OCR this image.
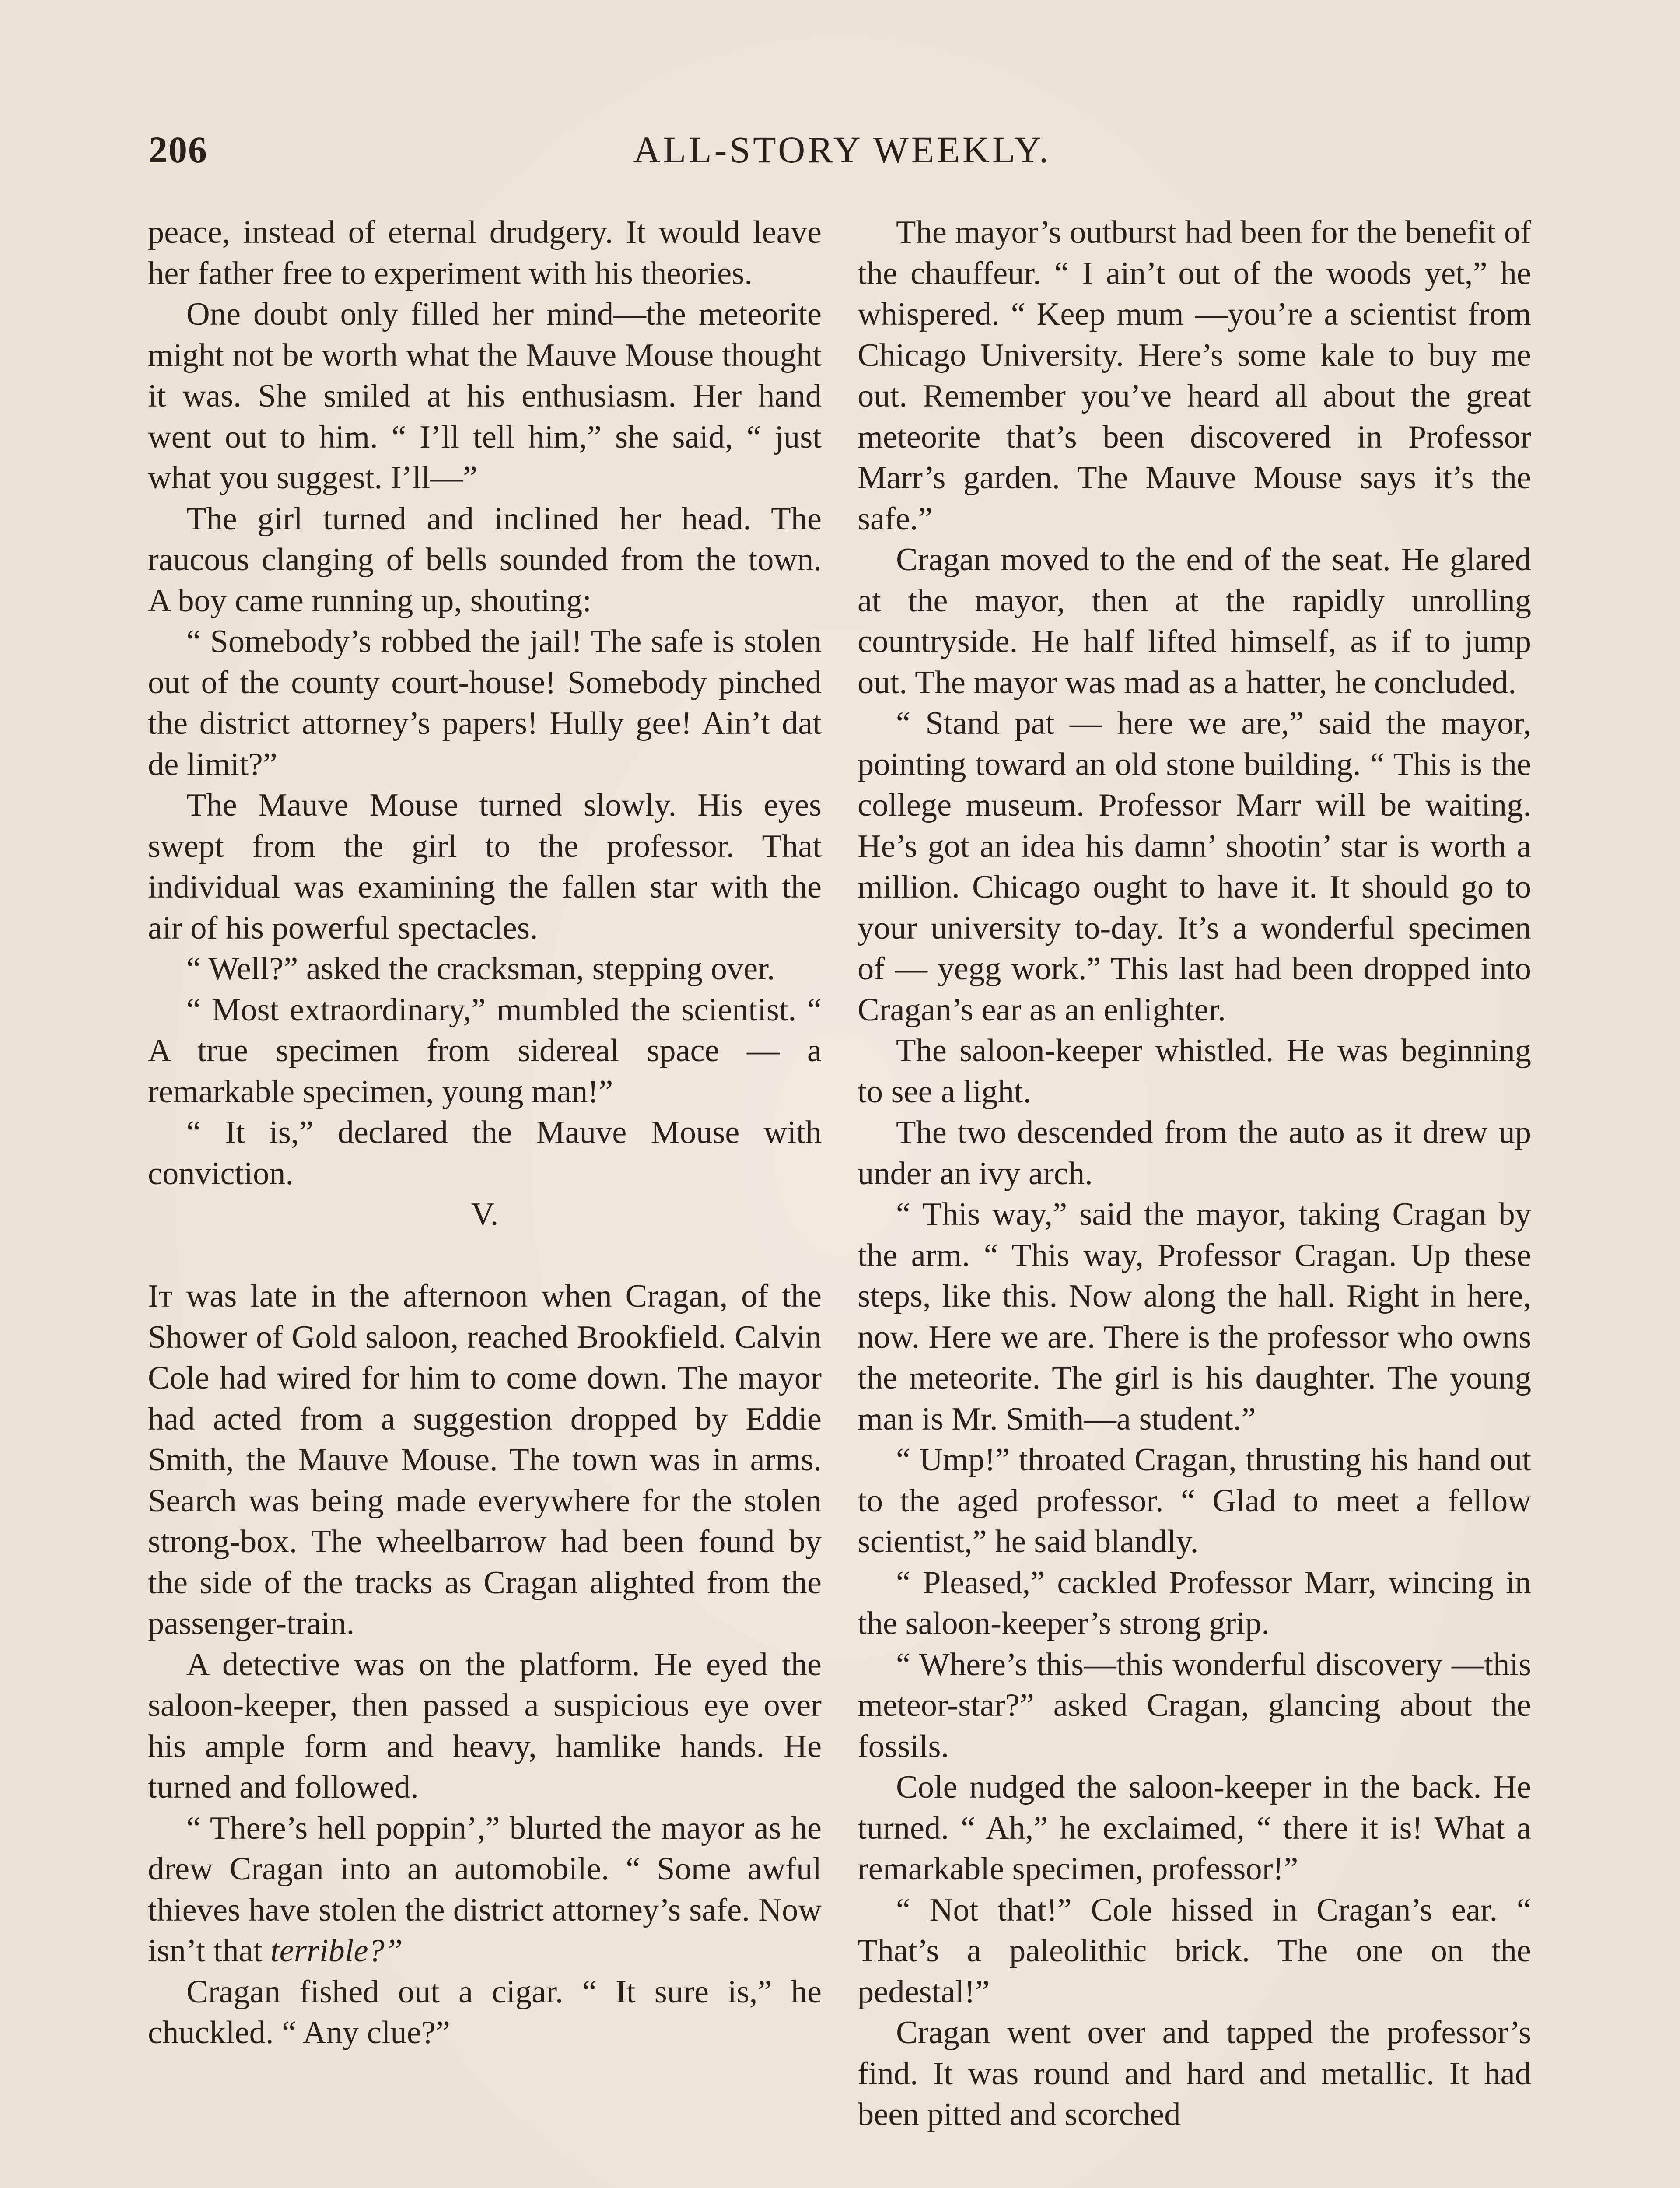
206	ALL-STORY WEEKLY.

peace, instead of eternal drudgery. It would leave her father free to experiment with his theories.

One doubt only filled her mind—the meteorite might not be worth what the Mauve Mouse thought it was. She smiled at his enthusiasm. Her hand went out to him. “ I’ll tell him,” she said, “ just what you suggest. I’ll—”

The girl turned and inclined her head. The raucous clanging of bells sounded from the town. A boy came running up, shouting:

“ Somebody’s robbed the jail! The safe is stolen out of the county court-house! Somebody pinched the district attorney’s papers! Hully gee! Ain’t dat de limit?”

The Mauve Mouse turned slowly. His eyes swept from the girl to the professor. That individual was examining the fallen star with the air of his powerful spectacles.

“ Well?” asked the cracksman, stepping over.

“ Most extraordinary,” mumbled the scientist. “ A true specimen from sidereal space — a remarkable specimen, young man!”

“ It is,” declared the Mauve Mouse with conviction.

V.

It was late in the afternoon when Cragan, of the Shower of Gold saloon, reached Brookfield. Calvin Cole had wired for him to come down. The mayor had acted from a suggestion dropped by Eddie Smith, the Mauve Mouse. The town was in arms. Search was being made everywhere for the stolen strong-box. The wheelbarrow had been found by the side of the tracks as Cragan alighted from the passenger-train.

A detective was on the platform. He eyed the saloon-keeper, then passed a suspicious eye over his ample form and heavy, hamlike hands. He turned and followed.

“ There’s hell poppin’,” blurted the mayor as he drew Cragan into an automobile. “ Some awful thieves have stolen the district attorney’s safe. Now isn’t that terrible?”

Cragan fished out a cigar. “ It sure is,” he chuckled. “ Any clue?”

The mayor’s outburst had been for the benefit of the chauffeur. “ I ain’t out of the woods yet,” he whispered. “ Keep mum —you’re a scientist from Chicago University. Here’s some kale to buy me out. Remember you’ve heard all about the great meteorite that’s been discovered in Professor Marr’s garden. The Mauve Mouse says it’s the safe.”

Cragan moved to the end of the seat. He glared at the mayor, then at the rapidly unrolling countryside. He half lifted himself, as if to jump out. The mayor was mad as a hatter, he concluded.

“ Stand pat — here we are,” said the mayor, pointing toward an old stone building. “ This is the college museum. Professor Marr will be waiting. He’s got an idea his damn’ shootin’ star is worth a million. Chicago ought to have it. It should go to your university to-day. It’s a wonderful specimen of — yegg work.” This last had been dropped into Cragan’s ear as an enlighter.

The saloon-keeper whistled. He was beginning to see a light.

The two descended from the auto as it drew up under an ivy arch.

“ This way,” said the mayor, taking Cragan by the arm. “ This way, Professor Cragan. Up these steps, like this. Now along the hall. Right in here, now. Here we are. There is the professor who owns the meteorite. The girl is his daughter. The young man is Mr. Smith—a student.”

“ Ump!” throated Cragan, thrusting his hand out to the aged professor. “ Glad to meet a fellow scientist,” he said blandly.

“ Pleased,” cackled Professor Marr, wincing in the saloon-keeper’s strong grip.

“ Where’s this—this wonderful discovery —this meteor-star?” asked Cragan, glancing about the fossils.

Cole nudged the saloon-keeper in the back. He turned. “ Ah,” he exclaimed, “ there it is! What a remarkable specimen, professor!”

“ Not that!” Cole hissed in Cragan’s ear. “ That’s a paleolithic brick. The one on the pedestal!”

Cragan went over and tapped the professor’s find. It was round and hard and metallic. It had been pitted and scorched
